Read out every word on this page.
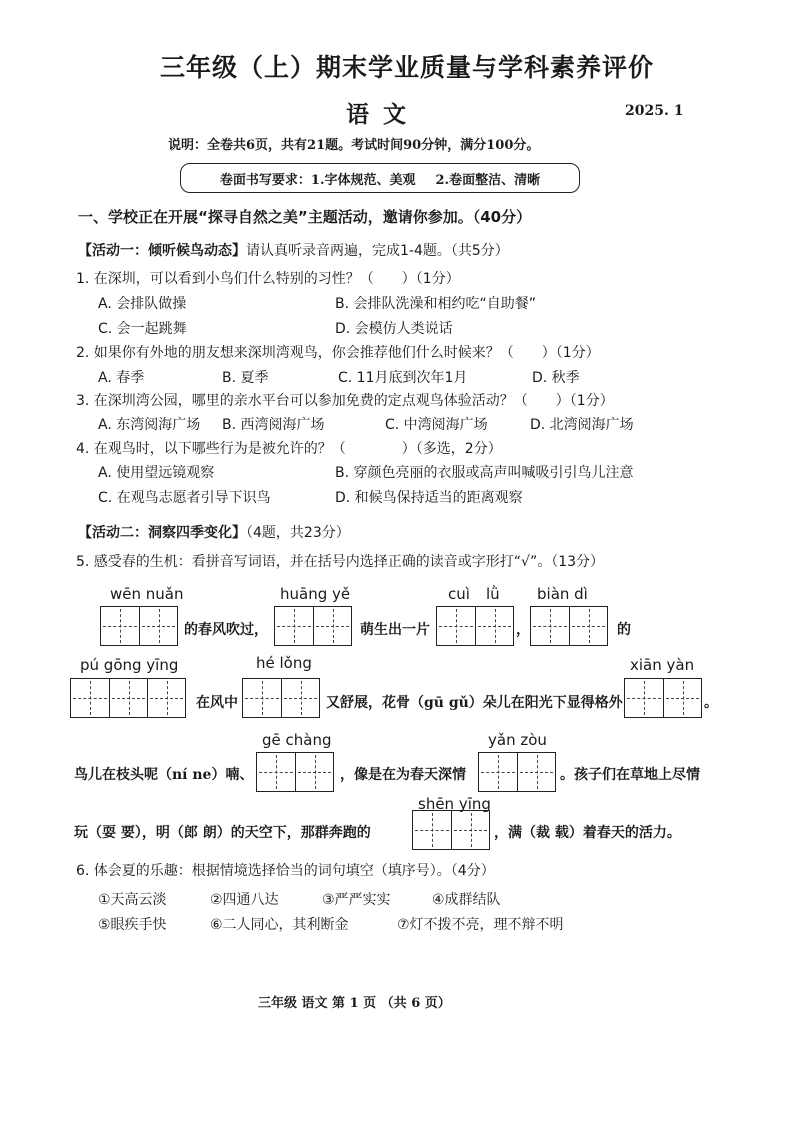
三年级（上）期末学业质量与学科素养评价
语文	2025. 1
说明：全卷共6页，共有21题。考试时间90分钟，满分100分。
卷面书写要求：1.字体规范、美观 2.卷面整洁、清晰
一、学校正在开展“探寻自然之美”主题活动，邀请你参加。（40分）
【活动一：倾听候鸟动态】请认真听录音两遍，完成1-4题。（共5分）
1. 在深圳，可以看到小鸟们什么特别的习性？（　　）（1分）
A. 会排队做操	B. 会排队洗澡和相约吃“自助餐”
C. 会一起跳舞	D. 会模仿人类说话
2. 如果你有外地的朋友想来深圳湾观鸟，你会推荐他们什么时候来？（　　）（1分）
A. 春季	B. 夏季	C. 11月底到次年1月	D. 秋季
3. 在深圳湾公园，哪里的亲水平台可以参加免费的定点观鸟体验活动？（　　）（1分）
A. 东湾阅海广场 B. 西湾阅海广场	C. 中湾阅海广场	D. 北湾阅海广场
4. 在观鸟时，以下哪些行为是被允许的？（　　　　）（多选，2分）
A. 使用望远镜观察	B. 穿颜色亮丽的衣服或高声叫喊吸引引鸟儿注意
C. 在观鸟志愿者引导下识鸟	D. 和候鸟保持适当的距离观察
【活动二：洞察四季变化】（4题，共23分）
5. 感受春的生机：看拼音写词语，并在括号内选择正确的读音或字形打“√”。（13分）
wēn nuǎn
的春风吹过，
huāng yě
萌生出一片
cuì lǜ
，
biàn dì
的
pú gōng yīng
在风中
hé lǒng
又舒展，花骨（gū gǔ）朵儿在阳光下显得格外
xiān yàn
。
鸟儿在枝头呢（ní ne）喃、
gē chàng
，像是在为春天深情
yǎn zòu
。孩子们在草地上尽情
玩（耍 要），明（郎 朗）的天空下，那群奔跑的
shēn yīng
，满（裁 载）着春天的活力。
6. 体会夏的乐趣：根据情境选择恰当的词句填空（填序号）。（4分）
①天高云淡	②四通八达	③严严实实	④成群结队
⑤眼疾手快	⑥二人同心，其利断金	⑦灯不拨不亮，理不辩不明
三年级 语文 第 1 页 （共 6 页）
